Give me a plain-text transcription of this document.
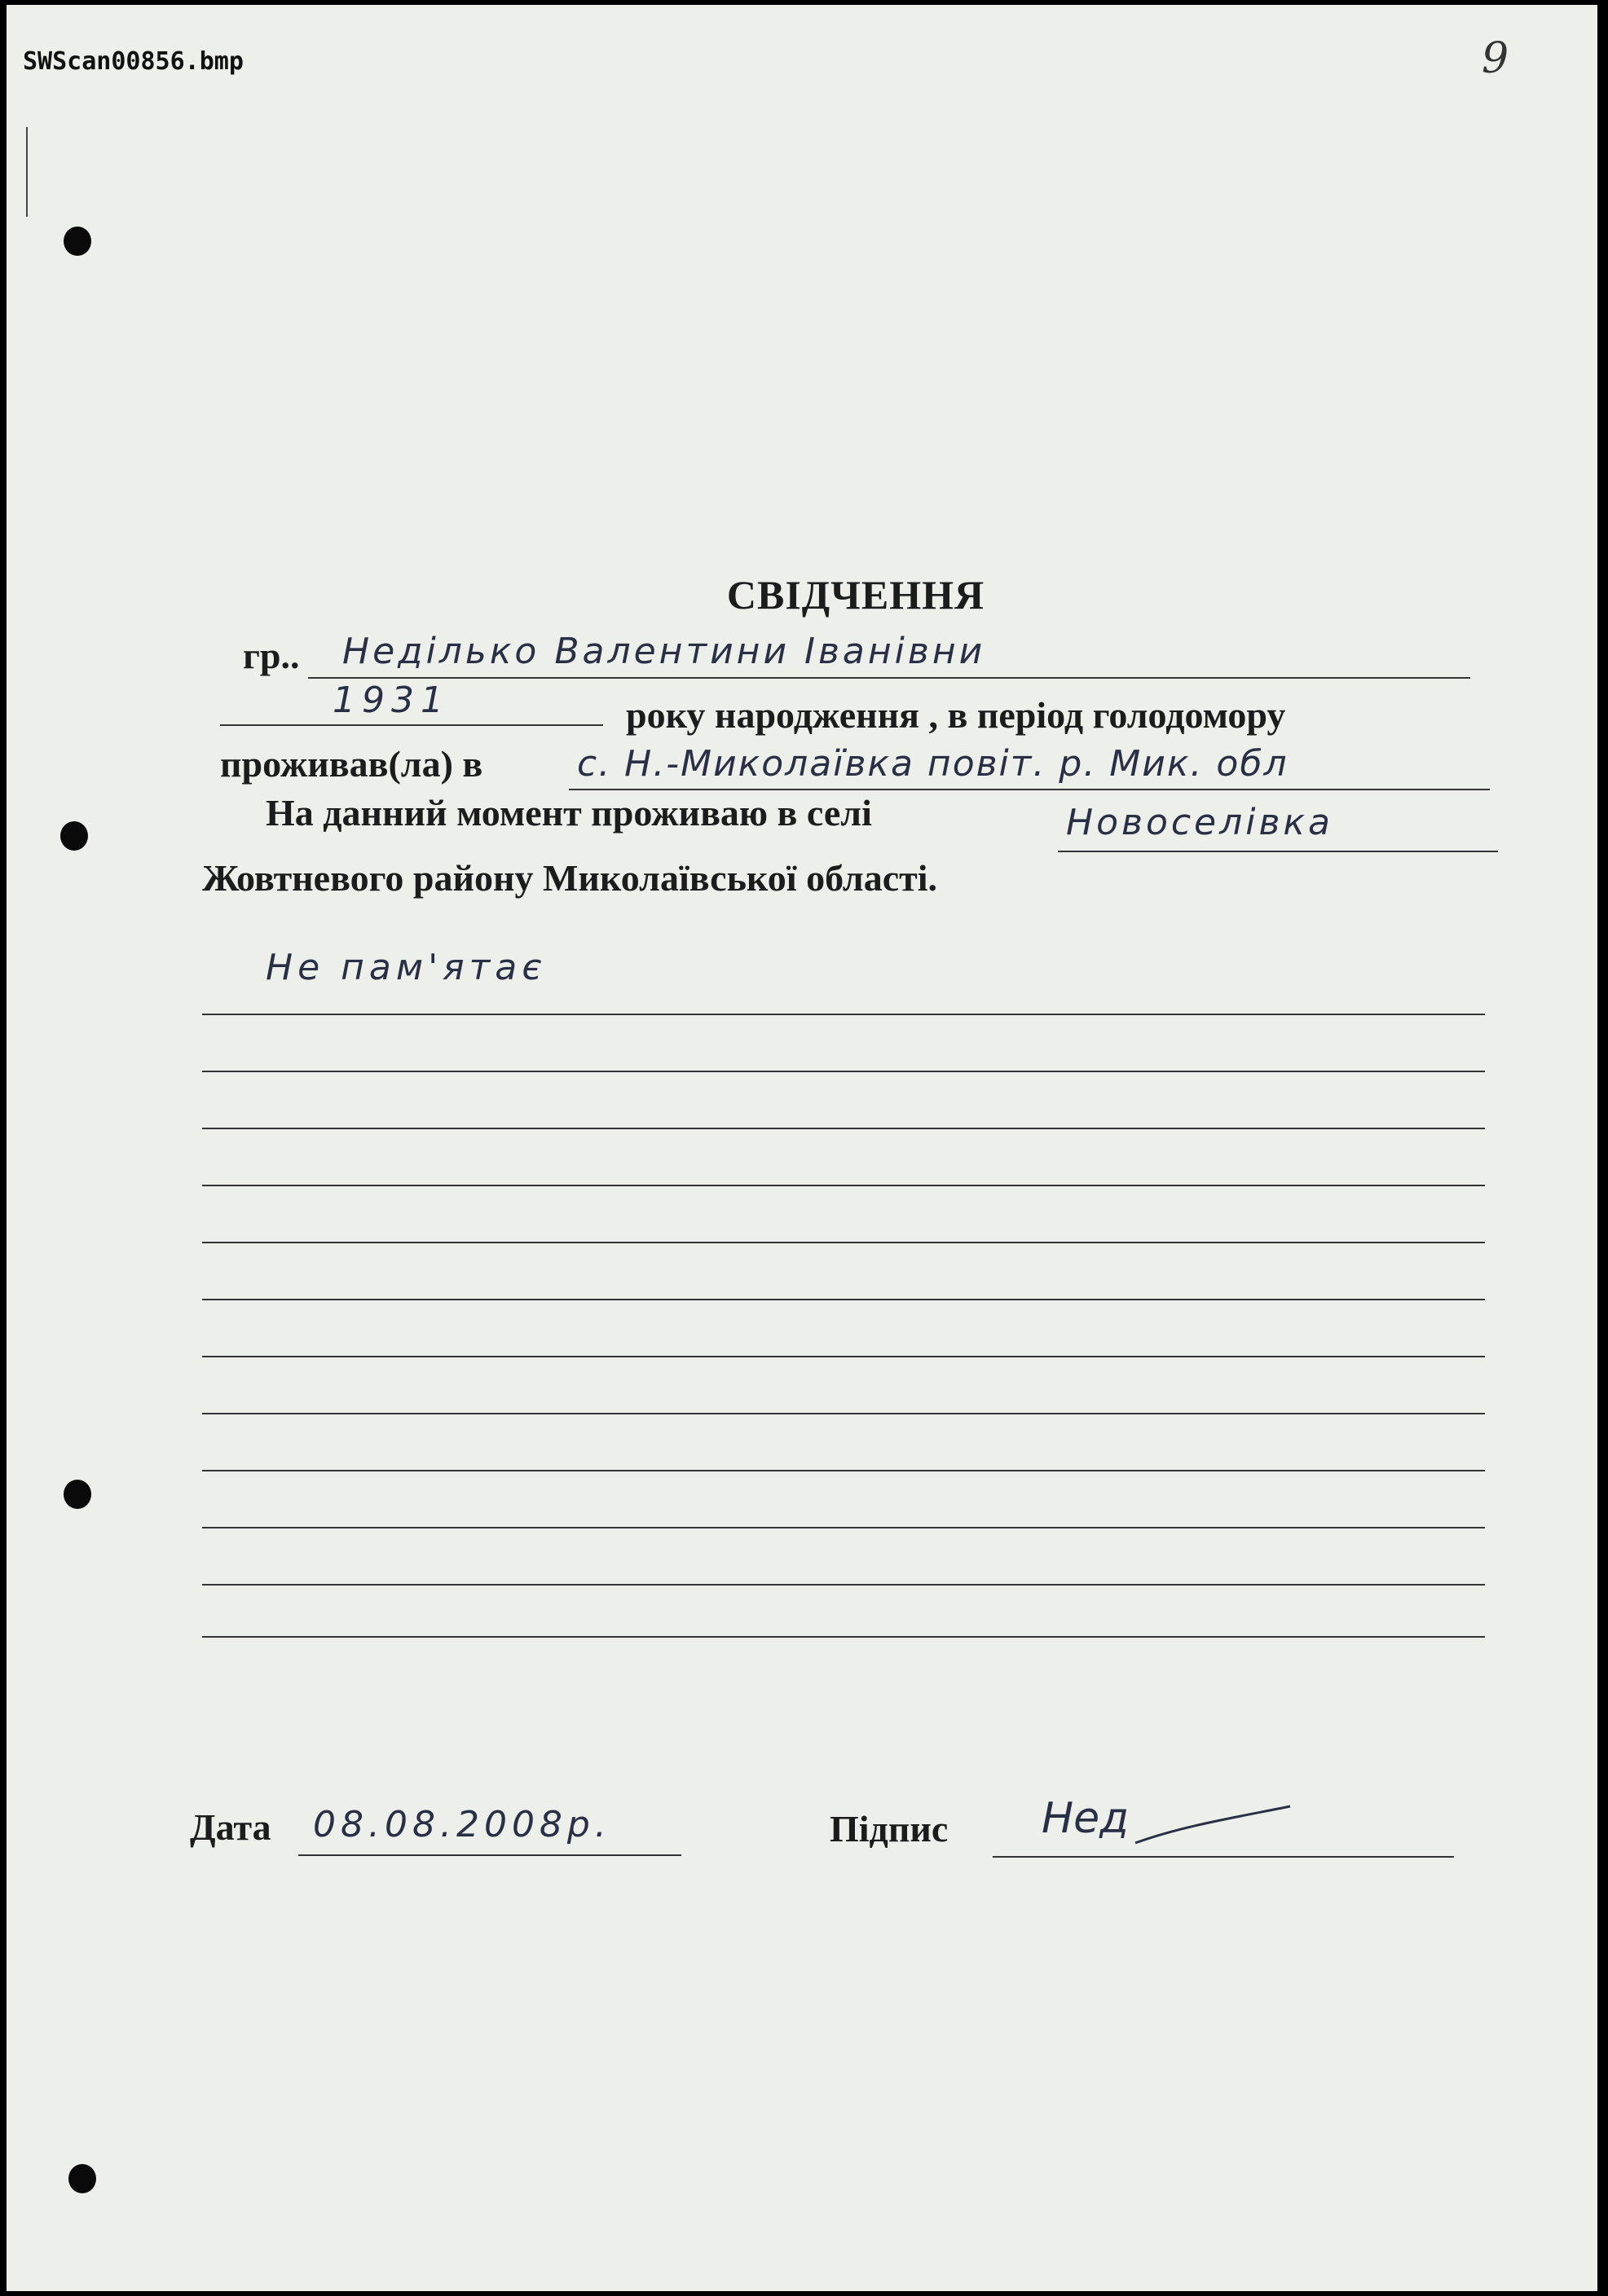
SWScan00856.bmp	9
СВІДЧЕННЯ
гр.. Неділько Валентини Іванівни
1931	року народження , в період голодомору
проживав(ла) в	с. Н.-Миколаївка повіт. р. Мик. обл
На данний момент проживаю в селі	Новоселівка
Жовтневого району Миколаївської області.
Не пам'ятає
Дата 08.08.2008р.	Підпис Нед
